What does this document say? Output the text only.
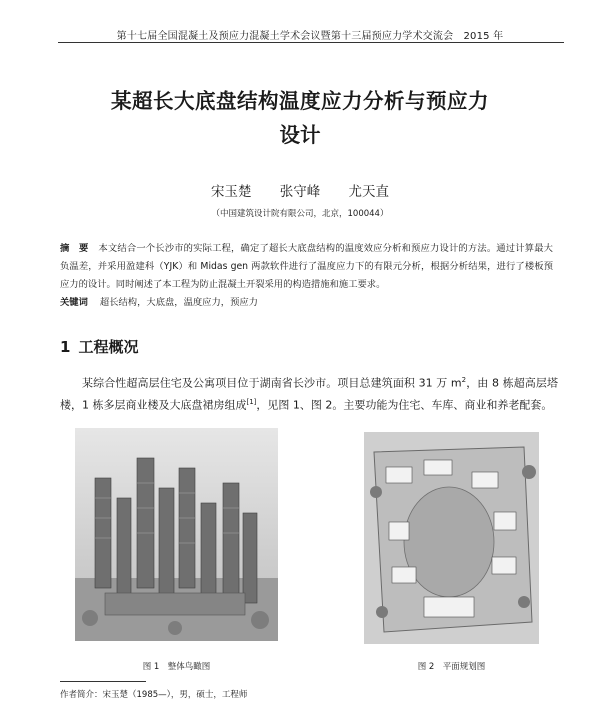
第十七届全国混凝土及预应力混凝土学术会议暨第十三届预应力学术交流会　2015 年
某超长大底盘结构温度应力分析与预应力
设计
宋玉楚 张守峰 尤天直
（中国建筑设计院有限公司，北京，100044）
摘　要 本文结合一个长沙市的实际工程，确定了超长大底盘结构的温度效应分析和预应力设计的方法。通过计算最大负温差，并采用盈建科（YJK）和 Midas gen 两款软件进行了温度应力下的有限元分析，根据分析结果，进行了楼板预应力的设计。同时阐述了本工程为防止混凝土开裂采用的构造措施和施工要求。
关键词 超长结构，大底盘，温度应力，预应力
1 工程概况
某综合性超高层住宅及公寓项目位于湖南省长沙市。项目总建筑面积 31 万 $m^2$，由 8 栋超高层塔楼，1 栋多层商业楼及大底盘裙房组成[1]，见图 1、图 2。主要功能为住宅、车库、商业和养老配套。
图 1　整体鸟瞰图	图 2　平面规划图
作者简介：宋玉楚（1985—），男，硕士，工程师
